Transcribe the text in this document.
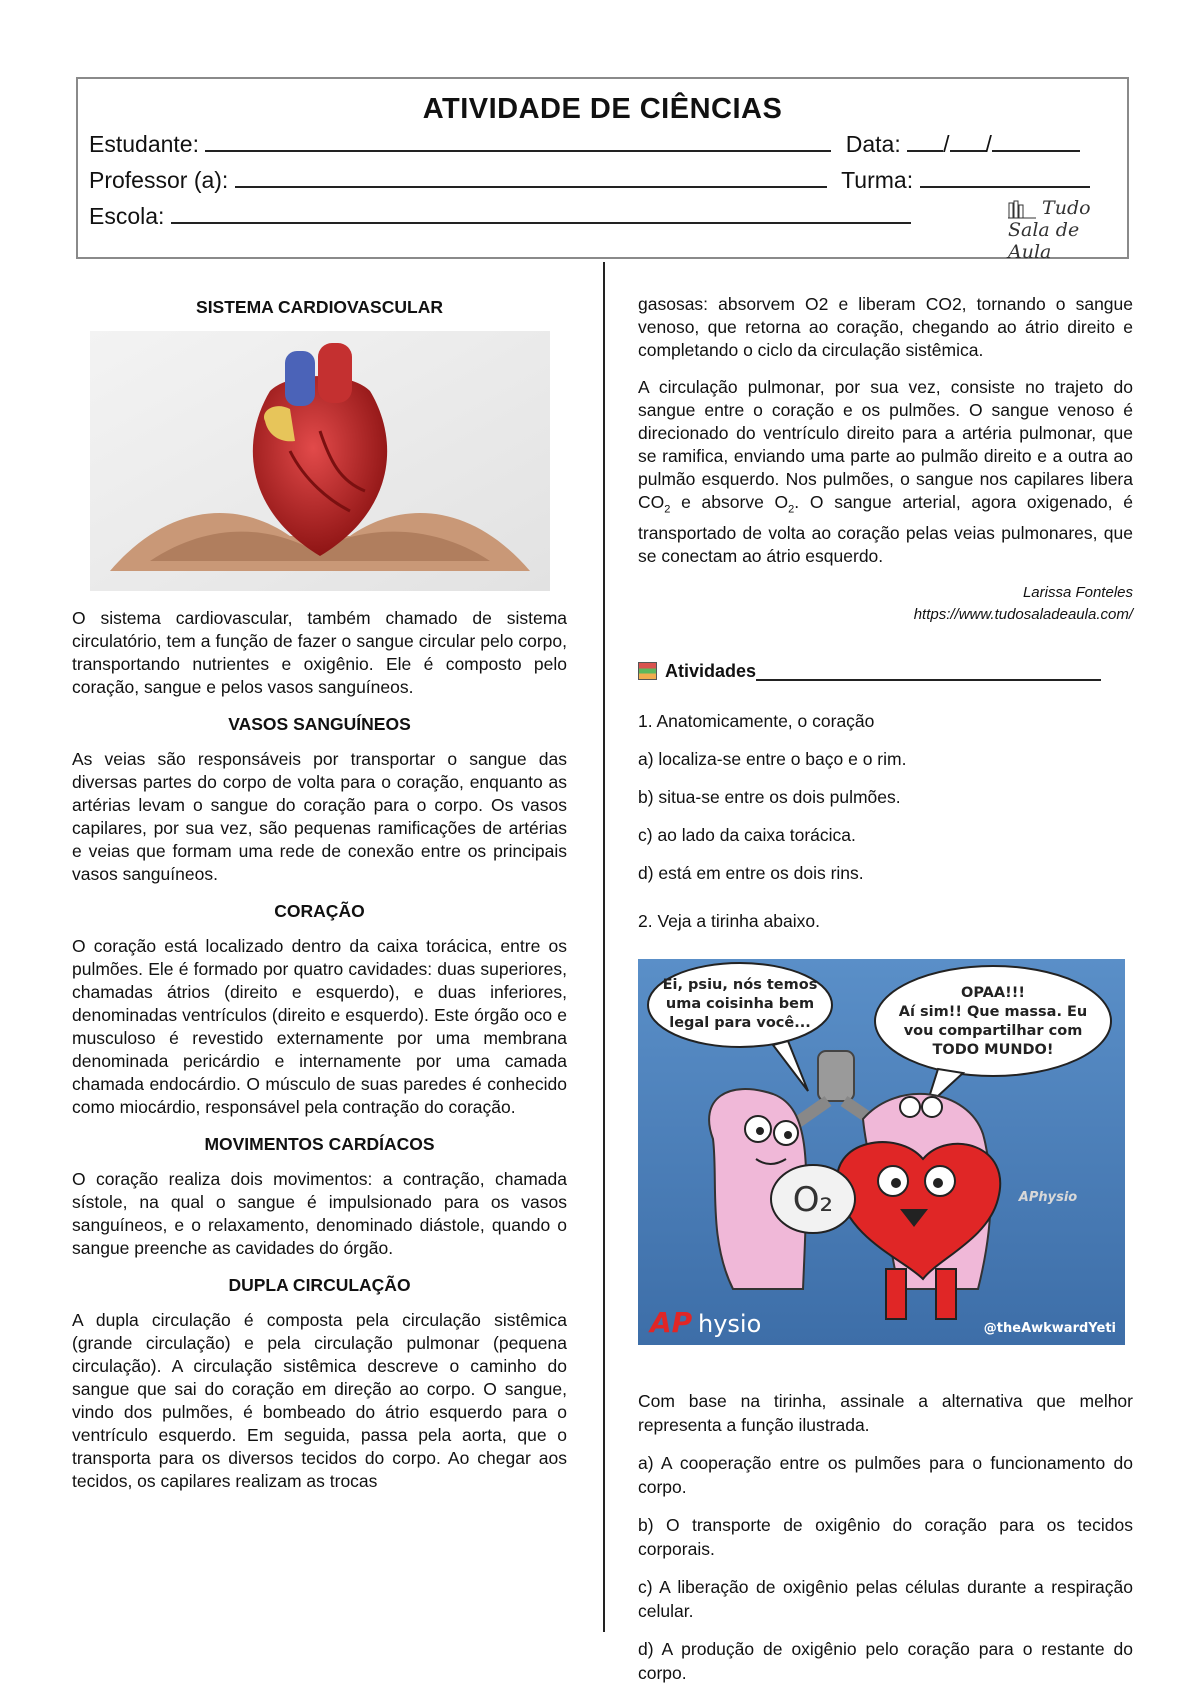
ATIVIDADE DE CIÊNCIAS
Estudante:	Data: / /
Professor (a):	Turma:
Escola:	Tudo Sala de Aula
SISTEMA CARDIOVASCULAR

O sistema cardiovascular, também chamado de sistema circulatório, tem a função de fazer o sangue circular pelo corpo, transportando nutrientes e oxigênio. Ele é composto pelo coração, sangue e pelos vasos sanguíneos.

VASOS SANGUÍNEOS

As veias são responsáveis por transportar o sangue das diversas partes do corpo de volta para o coração, enquanto as artérias levam o sangue do coração para o corpo. Os vasos capilares, por sua vez, são pequenas ramificações de artérias e veias que formam uma rede de conexão entre os principais vasos sanguíneos.

CORAÇÃO

O coração está localizado dentro da caixa torácica, entre os pulmões. Ele é formado por quatro cavidades: duas superiores, chamadas átrios (direito e esquerdo), e duas inferiores, denominadas ventrículos (direito e esquerdo). Este órgão oco e musculoso é revestido externamente por uma membrana denominada pericárdio e internamente por uma camada chamada endocárdio. O músculo de suas paredes é conhecido como miocárdio, responsável pela contração do coração.

MOVIMENTOS CARDÍACOS

O coração realiza dois movimentos: a contração, chamada sístole, na qual o sangue é impulsionado para os vasos sanguíneos, e o relaxamento, denominado diástole, quando o sangue preenche as cavidades do órgão.

DUPLA CIRCULAÇÃO

A dupla circulação é composta pela circulação sistêmica (grande circulação) e pela circulação pulmonar (pequena circulação). A circulação sistêmica descreve o caminho do sangue que sai do coração em direção ao corpo. O sangue, vindo dos pulmões, é bombeado do átrio esquerdo para o ventrículo esquerdo. Em seguida, passa pela aorta, que o transporta para os diversos tecidos do corpo. Ao chegar aos tecidos, os capilares realizam as trocas

gasosas: absorvem O2 e liberam CO2, tornando o sangue venoso, que retorna ao coração, chegando ao átrio direito e completando o ciclo da circulação sistêmica.

A circulação pulmonar, por sua vez, consiste no trajeto do sangue entre o coração e os pulmões. O sangue venoso é direcionado do ventrículo direito para a artéria pulmonar, que se ramifica, enviando uma parte ao pulmão direito e a outra ao pulmão esquerdo. Nos pulmões, o sangue nos capilares libera $CO_2$ e absorve $O_2$. O sangue arterial, agora oxigenado, é transportado de volta ao coração pelas veias pulmonares, que se conectam ao átrio esquerdo.

Larissa Fonteles
https://www.tudosaladeaula.com/
Atividades

1. Anatomicamente, o coração

a) localiza-se entre o baço e o rim.

b) situa-se entre os dois pulmões.

c) ao lado da caixa torácica.

d) está em entre os dois rins.

2. Veja a tirinha abaixo.

Ei, psiu, nós temos
uma coisinha bem
legal para você...
OPAA!!!
Aí sim!! Que massa. Eu
vou compartilhar com
TODO MUNDO!
O₂
AP hysio
APhysio
@theAwkwardYeti

Com base na tirinha, assinale a alternativa que melhor representa a função ilustrada.

a) A cooperação entre os pulmões para o funcionamento do corpo.

b) O transporte de oxigênio do coração para os tecidos corporais.

c) A liberação de oxigênio pelas células durante a respiração celular.

d) A produção de oxigênio pelo coração para o restante do corpo.
